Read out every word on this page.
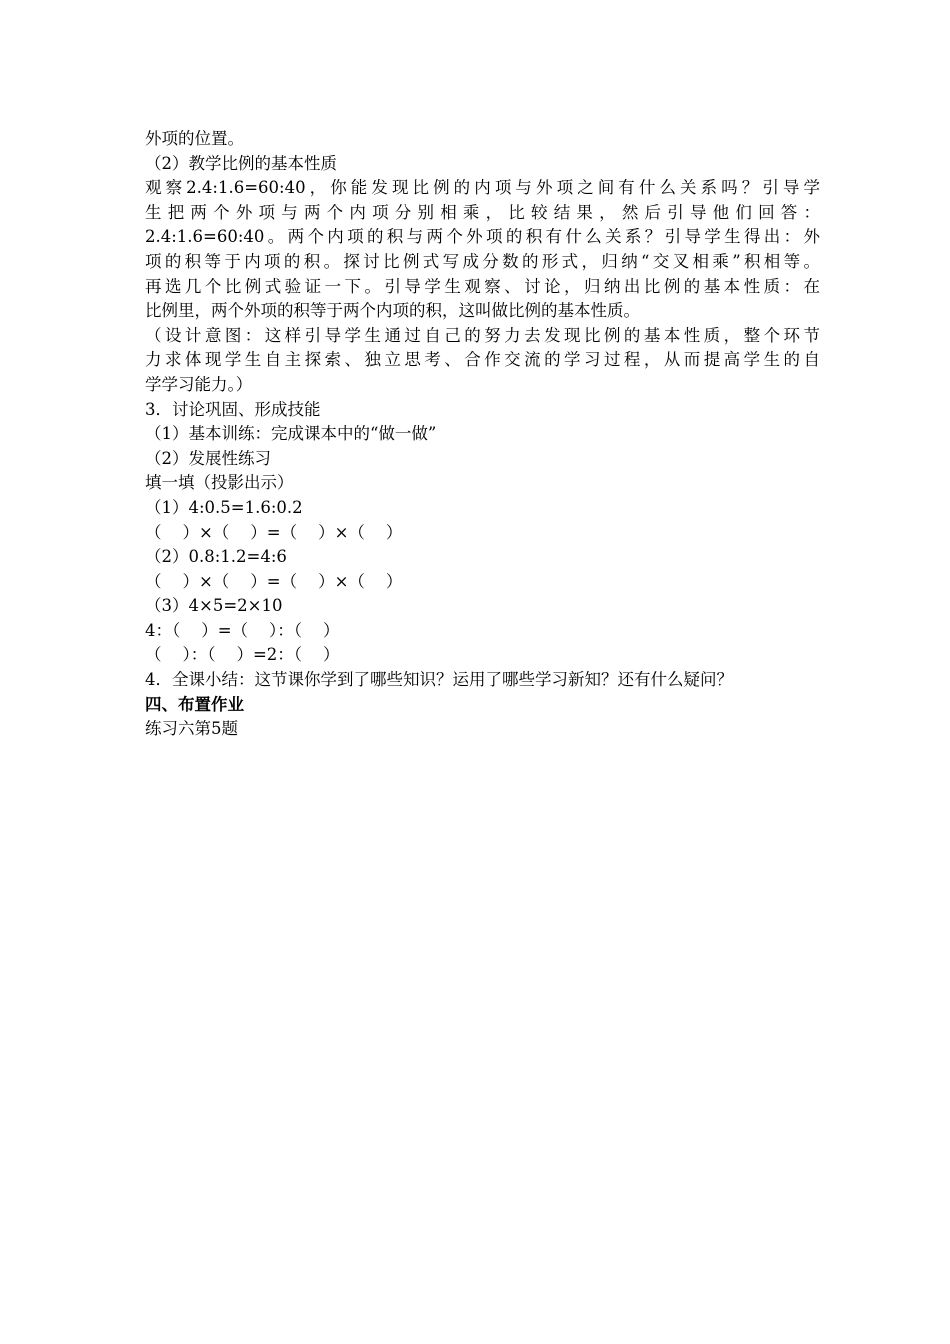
外项的位置。
（2）教学比例的基本性质
观察2.4:1.6=60:40，你能发现比例的内项与外项之间有什么关系吗？引导学
生把两个外项与两个内项分别相乘，比较结果，然后引导他们回答：
2.4:1.6=60:40。两个内项的积与两个外项的积有什么关系？引导学生得出：外
项的积等于内项的积。探讨比例式写成分数的形式，归纳“交叉相乘”积相等。
再选几个比例式验证一下。引导学生观察、讨论，归纳出比例的基本性质：在
比例里，两个外项的积等于两个内项的积，这叫做比例的基本性质。
（设计意图：这样引导学生通过自己的努力去发现比例的基本性质，整个环节
力求体现学生自主探索、独立思考、合作交流的学习过程，从而提高学生的自
学学习能力。）
3．讨论巩固、形成技能
（1）基本训练：完成课本中的“做一做”
（2）发展性练习
填一填（投影出示）
（1）4:0.5=1.6:0.2
（    ）×（    ）=（    ）×（    ）
（2）0.8:1.2=4:6
（    ）×（    ）=（    ）×（    ）
（3）4×5=2×10
4：（    ）=（    ）：（    ）
（    ）：（    ）=2：（    ）
4．全课小结：这节课你学到了哪些知识？运用了哪些学习新知？还有什么疑问？
四、布置作业
练习六第5题
